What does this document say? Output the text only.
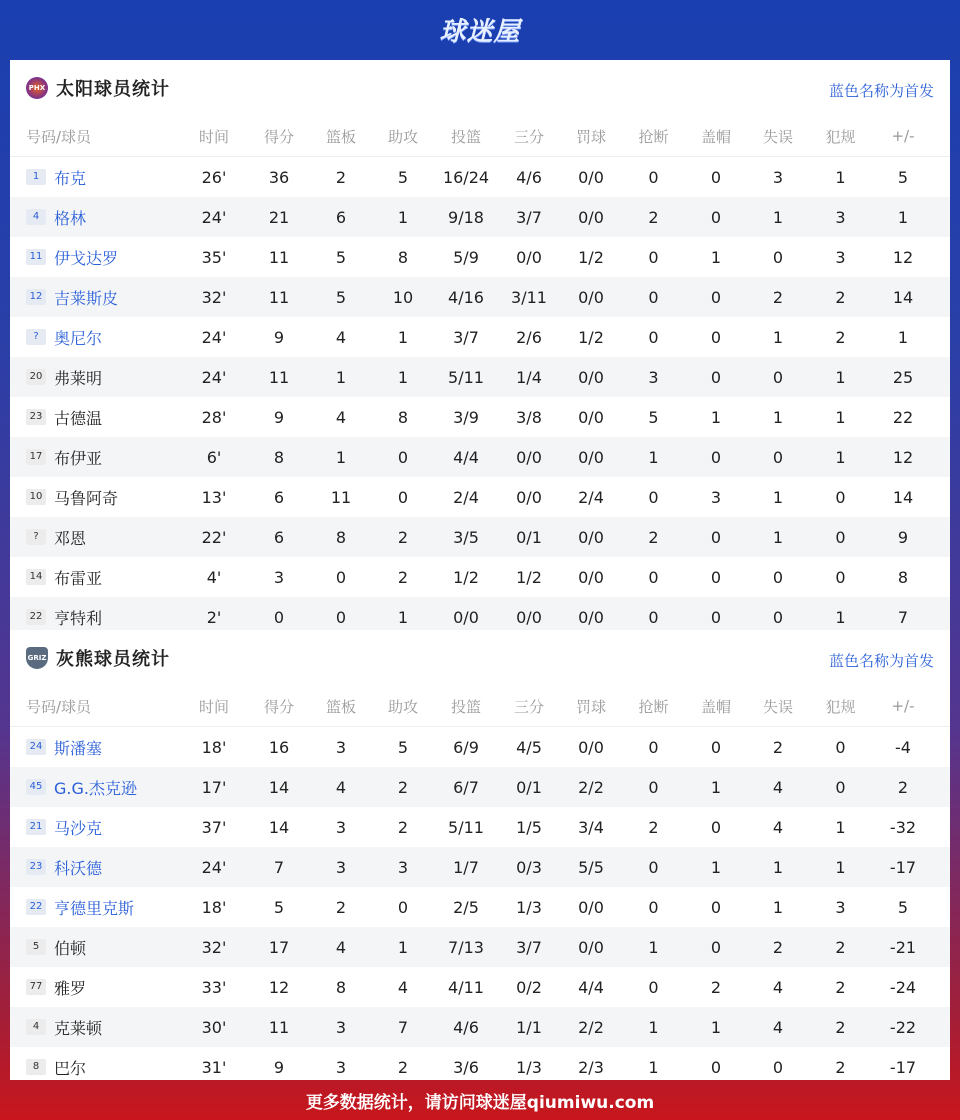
球迷屋
PHX 太阳球员统计	蓝色名称为首发
号码/球员	时间	得分	篮板	助攻	投篮	三分	罚球	抢断	盖帽	失误	犯规	+/-
1 布克	26'	36	2	5	16/24	4/6	0/0	0	0	3	1	5
4 格林	24'	21	6	1	9/18	3/7	0/0	2	0	1	3	1
11 伊戈达罗	35'	11	5	8	5/9	0/0	1/2	0	1	0	3	12
12 吉莱斯皮	32'	11	5	10	4/16	3/11	0/0	0	0	2	2	14
? 奥尼尔	24'	9	4	1	3/7	2/6	1/2	0	0	1	2	1
20 弗莱明	24'	11	1	1	5/11	1/4	0/0	3	0	0	1	25
23 古德温	28'	9	4	8	3/9	3/8	0/0	5	1	1	1	22
17 布伊亚	6'	8	1	0	4/4	0/0	0/0	1	0	0	1	12
10 马鲁阿奇	13'	6	11	0	2/4	0/0	2/4	0	3	1	0	14
? 邓恩	22'	6	8	2	3/5	0/1	0/0	2	0	1	0	9
14 布雷亚	4'	3	0	2	1/2	1/2	0/0	0	0	0	0	8
22 亨特利	2'	0	0	1	0/0	0/0	0/0	0	0	0	1	7
GRIZ 灰熊球员统计	蓝色名称为首发
号码/球员	时间	得分	篮板	助攻	投篮	三分	罚球	抢断	盖帽	失误	犯规	+/-
24 斯潘塞	18'	16	3	5	6/9	4/5	0/0	0	0	2	0	-4
45 G.G.杰克逊	17'	14	4	2	6/7	0/1	2/2	0	1	4	0	2
21 马沙克	37'	14	3	2	5/11	1/5	3/4	2	0	4	1	-32
23 科沃德	24'	7	3	3	1/7	0/3	5/5	0	1	1	1	-17
22 亨德里克斯	18'	5	2	0	2/5	1/3	0/0	0	0	1	3	5
5 伯顿	32'	17	4	1	7/13	3/7	0/0	1	0	2	2	-21
77 雅罗	33'	12	8	4	4/11	0/2	4/4	0	2	4	2	-24
4 克莱顿	30'	11	3	7	4/6	1/1	2/2	1	1	4	2	-22
8 巴尔	31'	9	3	2	3/6	1/3	2/3	1	0	0	2	-17
更多数据统计，请访问球迷屋qiumiwu.com
